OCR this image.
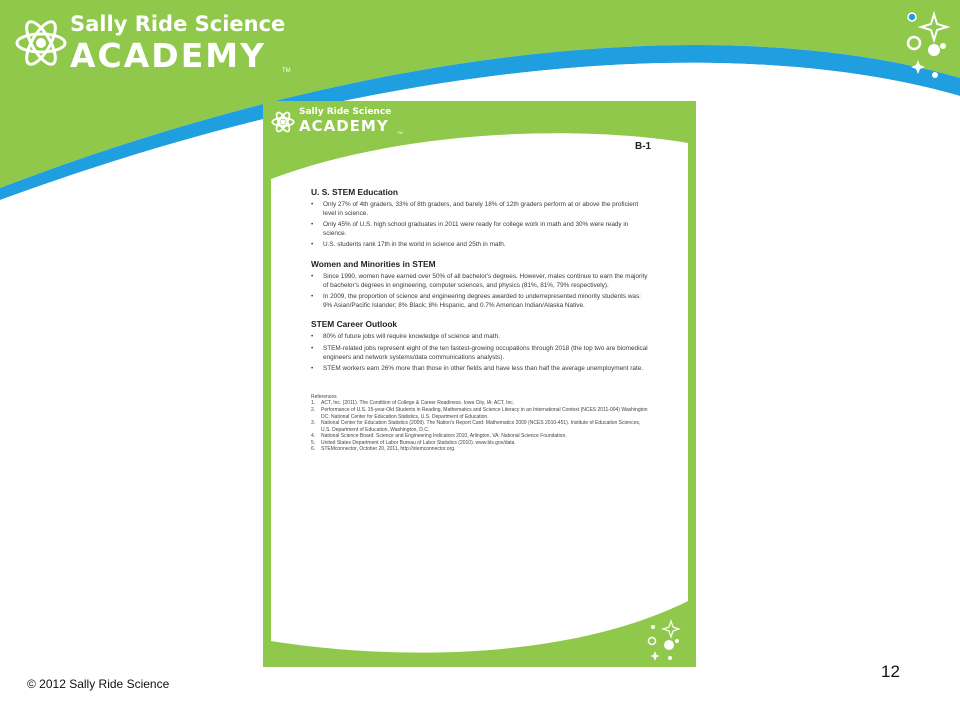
Sally Ride Science
ACADEMY	TM
Sally Ride Science
ACADEMY TM
B-1
U. S. STEM Education
• Only 27% of 4th graders, 33% of 8th graders, and barely 18% of 12th graders perform at or above the proficient level in science.
• Only 45% of U.S. high school graduates in 2011 were ready for college work in math and 30% were ready in science.
• U.S. students rank 17th in the world in science and 25th in math.
Women and Minorities in STEM
• Since 1990, women have earned over 50% of all bachelor's degrees. However, males continue to earn the majority of bachelor's degrees in engineering, computer sciences, and physics (81%, 81%, 79% respectively).
• In 2009, the proportion of science and engineering degrees awarded to underrepresented minority students was: 9% Asian/Pacific Islander; 8% Black; 8% Hispanic, and 0.7% American Indian/Alaska Native.
STEM Career Outlook
• 80% of future jobs will require knowledge of science and math.
• STEM-related jobs represent eight of the ten fastest-growing occupations through 2018 (the top two are biomedical engineers and network systems/data communications analysts).
• STEM workers earn 26% more than those in other fields and have less than half the average unemployment rate.
References
1. ACT, Inc. (2011). The Condition of College & Career Readiness. Iowa City, IA: ACT, Inc.
2. Performance of U.S. 15-year-Old Students in Reading, Mathematics and Science Literacy in an International Context (NCES 2011-004) Washington DC: National Center for Education Statistics, U.S. Department of Education.
3. National Center for Education Statistics (2009). The Nation's Report Card: Mathematics 2009 (NCES 2010-451). Institute of Education Sciences, U.S. Department of Education, Washington, D.C.
4. National Science Board. Science and Engineering Indicators 2010, Arlington, VA: National Science Foundation.
5. United States Department of Labor Bureau of Labor Statistics (2010). www.bls.gov/data
6. STEMconnector, October 20, 2011, http://stemconnector.org.
© 2012 Sally Ride Science
12
